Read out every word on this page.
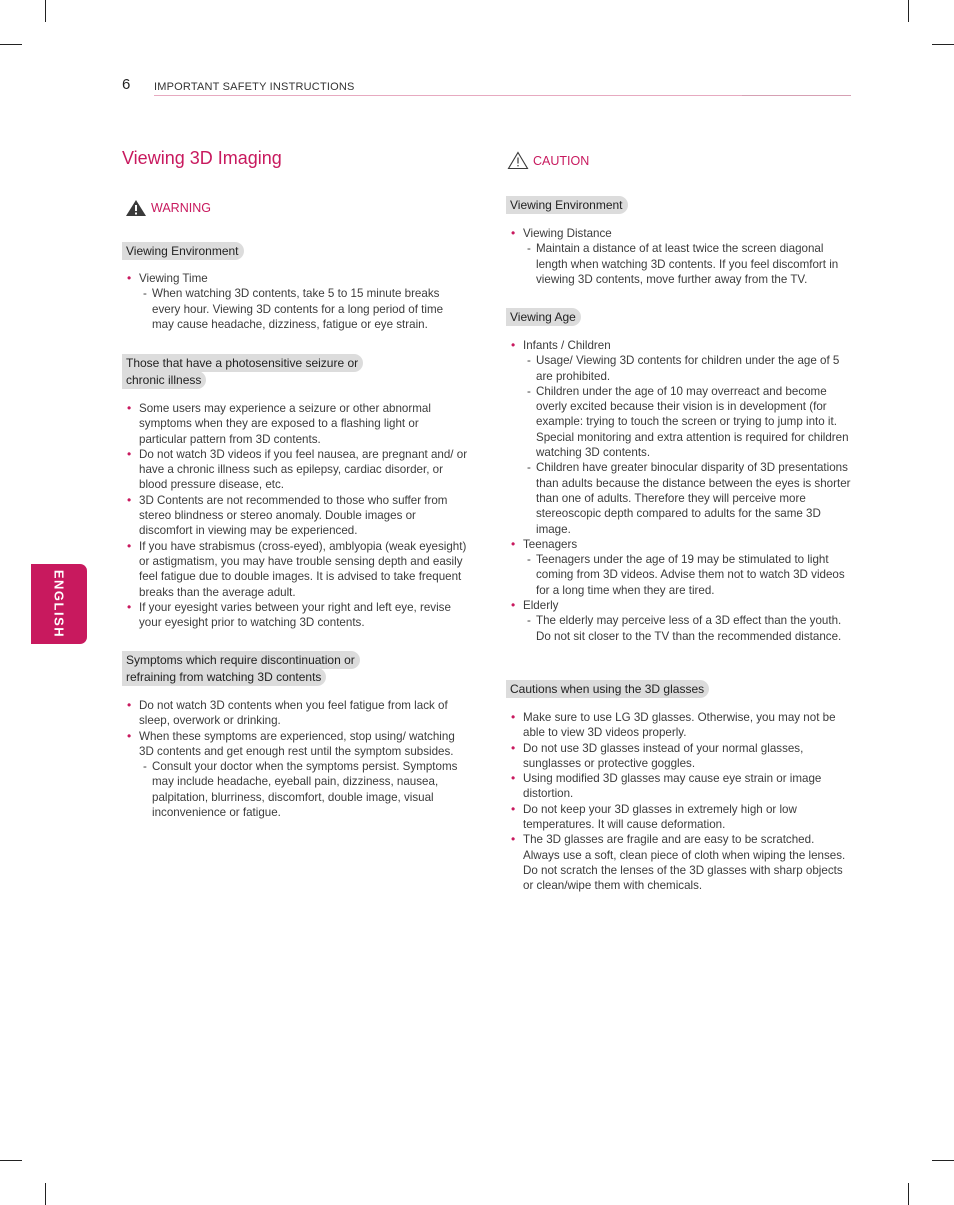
6 IMPORTANT SAFETY INSTRUCTIONS
ENGLISH
Viewing 3D Imaging
WARNING
Viewing Environment
• Viewing Time
- When watching 3D contents, take 5 to 15 minute breaks every hour. Viewing 3D contents for a long period of time may cause headache, dizziness, fatigue or eye strain.
Those that have a photosensitive seizure or
chronic illness
• Some users may experience a seizure or other abnormal symptoms when they are exposed to a flashing light or particular pattern from 3D contents.
• Do not watch 3D videos if you feel nausea, are pregnant and/ or have a chronic illness such as epilepsy, cardiac disorder, or blood pressure disease, etc.
• 3D Contents are not recommended to those who suffer from stereo blindness or stereo anomaly. Double images or discomfort in viewing may be experienced.
• If you have strabismus (cross-eyed), amblyopia (weak eyesight) or astigmatism, you may have trouble sensing depth and easily feel fatigue due to double images. It is advised to take frequent breaks than the average adult.
• If your eyesight varies between your right and left eye, revise your eyesight prior to watching 3D contents.
Symptoms which require discontinuation or
refraining from watching 3D contents
• Do not watch 3D contents when you feel fatigue from lack of sleep, overwork or drinking.
• When these symptoms are experienced, stop using/ watching 3D contents and get enough rest until the symptom subsides.
- Consult your doctor when the symptoms persist. Symptoms may include headache, eyeball pain, dizziness, nausea, palpitation, blurriness, discomfort, double image, visual inconvenience or fatigue.
CAUTION
Viewing Environment
• Viewing Distance
- Maintain a distance of at least twice the screen diagonal length when watching 3D contents. If you feel discomfort in viewing 3D contents, move further away from the TV.
Viewing Age
• Infants / Children
- Usage/ Viewing 3D contents for children under the age of 5 are prohibited.
- Children under the age of 10 may overreact and become overly excited because their vision is in development (for example: trying to touch the screen or trying to jump into it. Special monitoring and extra attention is required for children watching 3D contents.
- Children have greater binocular disparity of 3D presentations than adults because the distance between the eyes is shorter than one of adults. Therefore they will perceive more stereoscopic depth compared to adults for the same 3D image.
• Teenagers
- Teenagers under the age of 19 may be stimulated to light coming from 3D videos. Advise them not to watch 3D videos for a long time when they are tired.
• Elderly
- The elderly may perceive less of a 3D effect than the youth. Do not sit closer to the TV than the recommended distance.
Cautions when using the 3D glasses
• Make sure to use LG 3D glasses. Otherwise, you may not be able to view 3D videos properly.
• Do not use 3D glasses instead of your normal glasses, sunglasses or protective goggles.
• Using modified 3D glasses may cause eye strain or image distortion.
• Do not keep your 3D glasses in extremely high or low temperatures. It will cause deformation.
• The 3D glasses are fragile and are easy to be scratched. Always use a soft, clean piece of cloth when wiping the lenses. Do not scratch the lenses of the 3D glasses with sharp objects or clean/wipe them with chemicals.
